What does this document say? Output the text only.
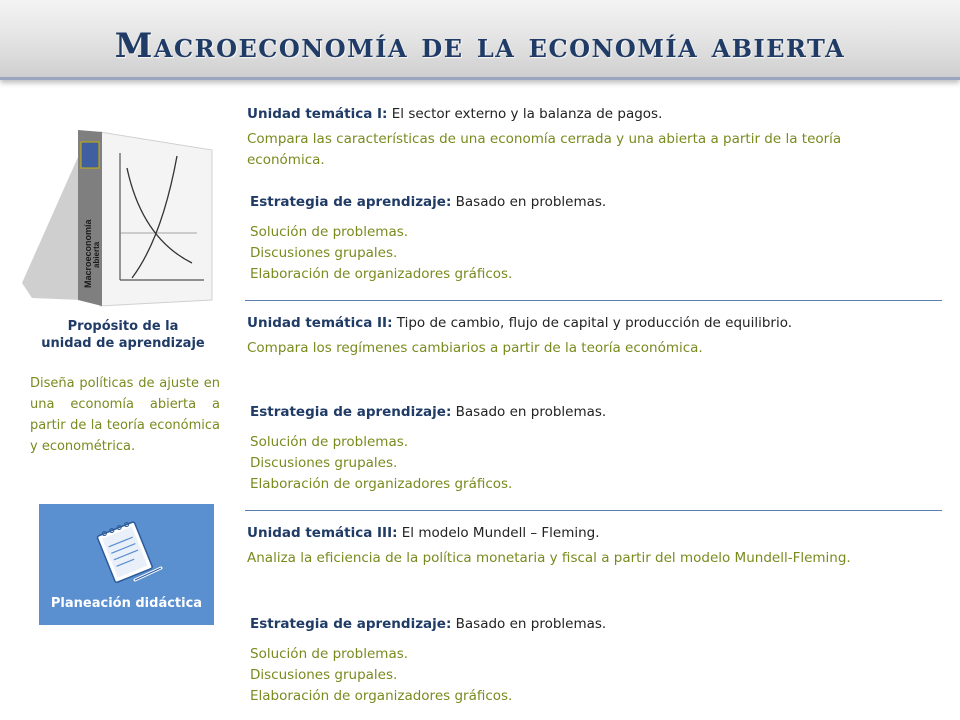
Macroeconomía de la economía abierta
Macroeconomía abierta
Propósito de la
unidad de aprendizaje
Diseña políticas de ajuste en una economía abierta a partir de la teoría económica y econométrica.
Planeación didáctica
Unidad temática I: El sector externo y la balanza de pagos.
Compara las características de una economía cerrada y una abierta a partir de la teoría económica.
Estrategia de aprendizaje: Basado en problemas.
Solución de problemas.
Discusiones grupales.
Elaboración de organizadores gráficos.
Unidad temática II: Tipo de cambio, flujo de capital y producción de equilibrio.
Compara los regímenes cambiarios a partir de la teoría económica.
Estrategia de aprendizaje: Basado en problemas.
Solución de problemas.
Discusiones grupales.
Elaboración de organizadores gráficos.
Unidad temática III: El modelo Mundell – Fleming.
Analiza la eficiencia de la política monetaria y fiscal a partir del modelo Mundell-Fleming.
Estrategia de aprendizaje: Basado en problemas.
Solución de problemas.
Discusiones grupales.
Elaboración de organizadores gráficos.
